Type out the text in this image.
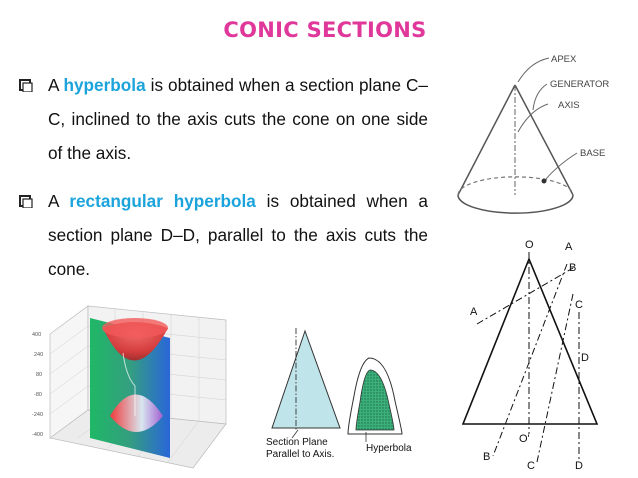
CONIC SECTIONS
A hyperbola is obtained when a section plane C–C, inclined to the axis cuts the cone on one side of the axis.
A rectangular hyperbola is obtained when a section plane D–D, parallel to the axis cuts the cone.
APEX
GENERATOR
AXIS
BASE
400
240
80
-80
-240
-400
Section Plane
Parallel to Axis.
Hyperbola
O	A
B
C
A
D
O'
B
C	D
